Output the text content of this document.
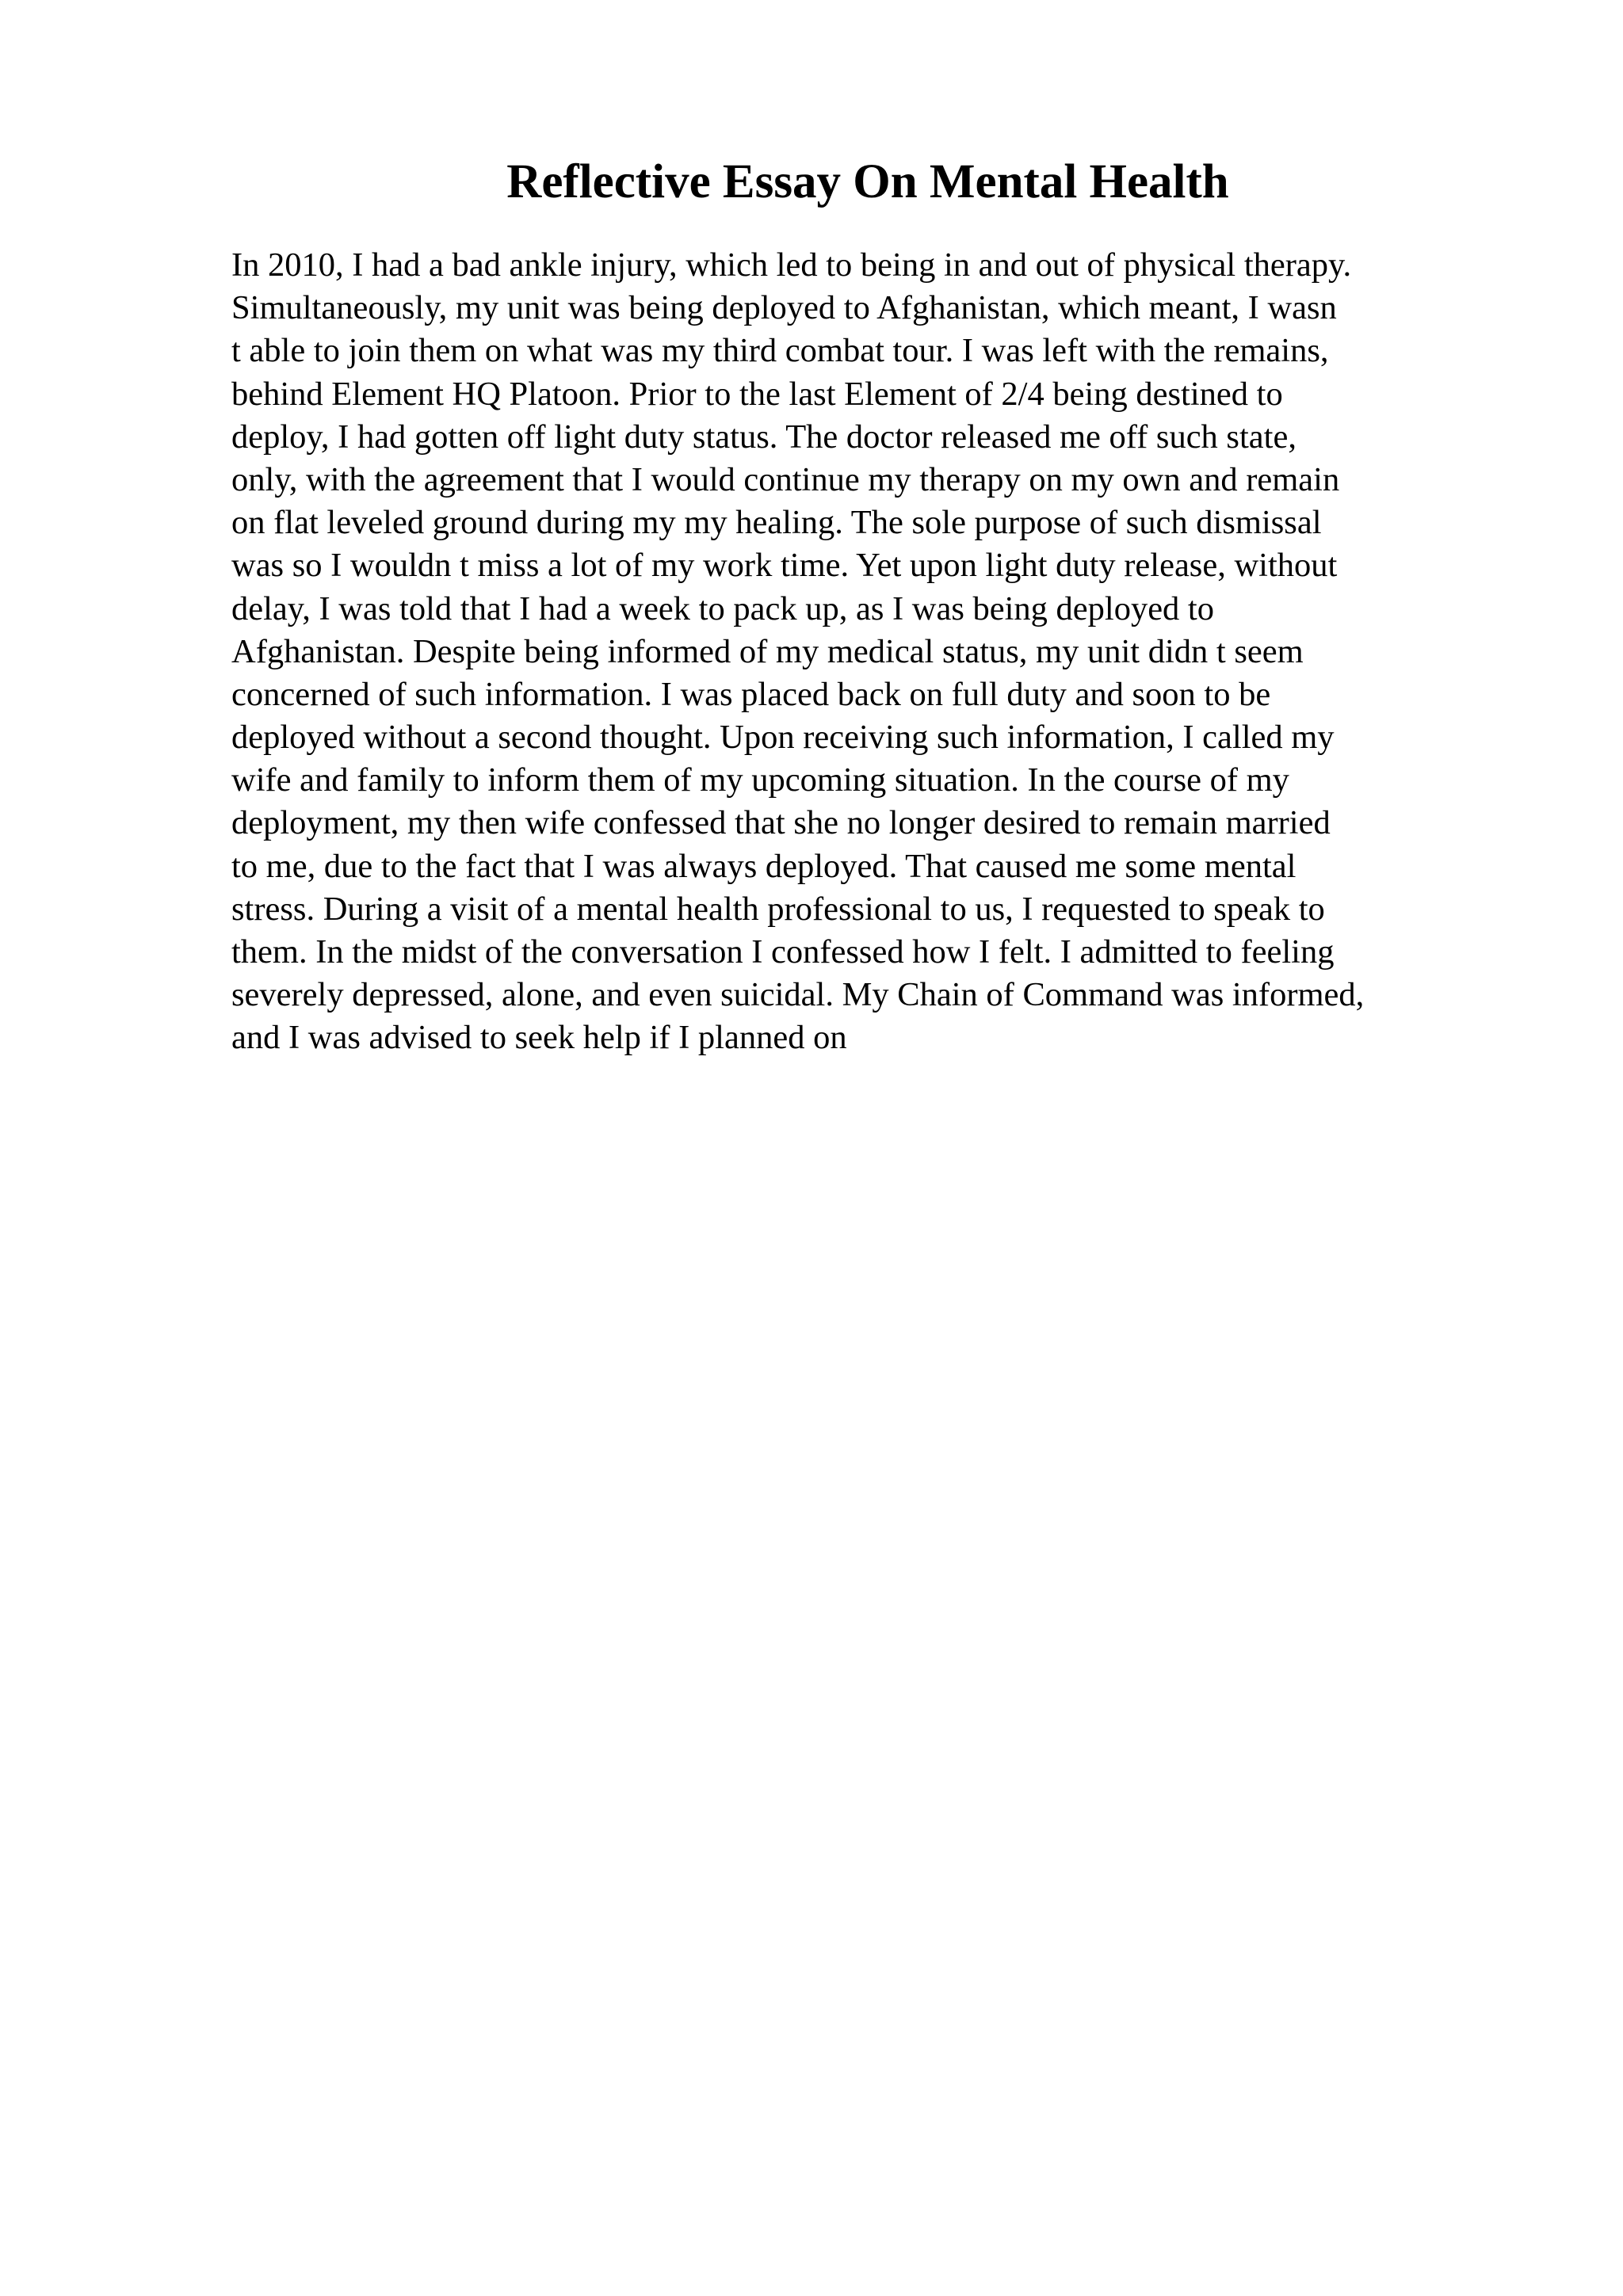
Reflective Essay On Mental Health
In 2010, I had a bad ankle injury, which led to being in and out of physical therapy.
Simultaneously, my unit was being deployed to Afghanistan, which meant, I wasn
t able to join them on what was my third combat tour. I was left with the remains,
behind Element HQ Platoon. Prior to the last Element of 2/4 being destined to
deploy, I had gotten off light duty status. The doctor released me off such state,
only, with the agreement that I would continue my therapy on my own and remain
on flat leveled ground during my my healing. The sole purpose of such dismissal
was so I wouldn t miss a lot of my work time. Yet upon light duty release, without
delay, I was told that I had a week to pack up, as I was being deployed to
Afghanistan. Despite being informed of my medical status, my unit didn t seem
concerned of such information. I was placed back on full duty and soon to be
deployed without a second thought. Upon receiving such information, I called my
wife and family to inform them of my upcoming situation. In the course of my
deployment, my then wife confessed that she no longer desired to remain married
to me, due to the fact that I was always deployed. That caused me some mental
stress. During a visit of a mental health professional to us, I requested to speak to
them. In the midst of the conversation I confessed how I felt. I admitted to feeling
severely depressed, alone, and even suicidal. My Chain of Command was informed,
and I was advised to seek help if I planned on
